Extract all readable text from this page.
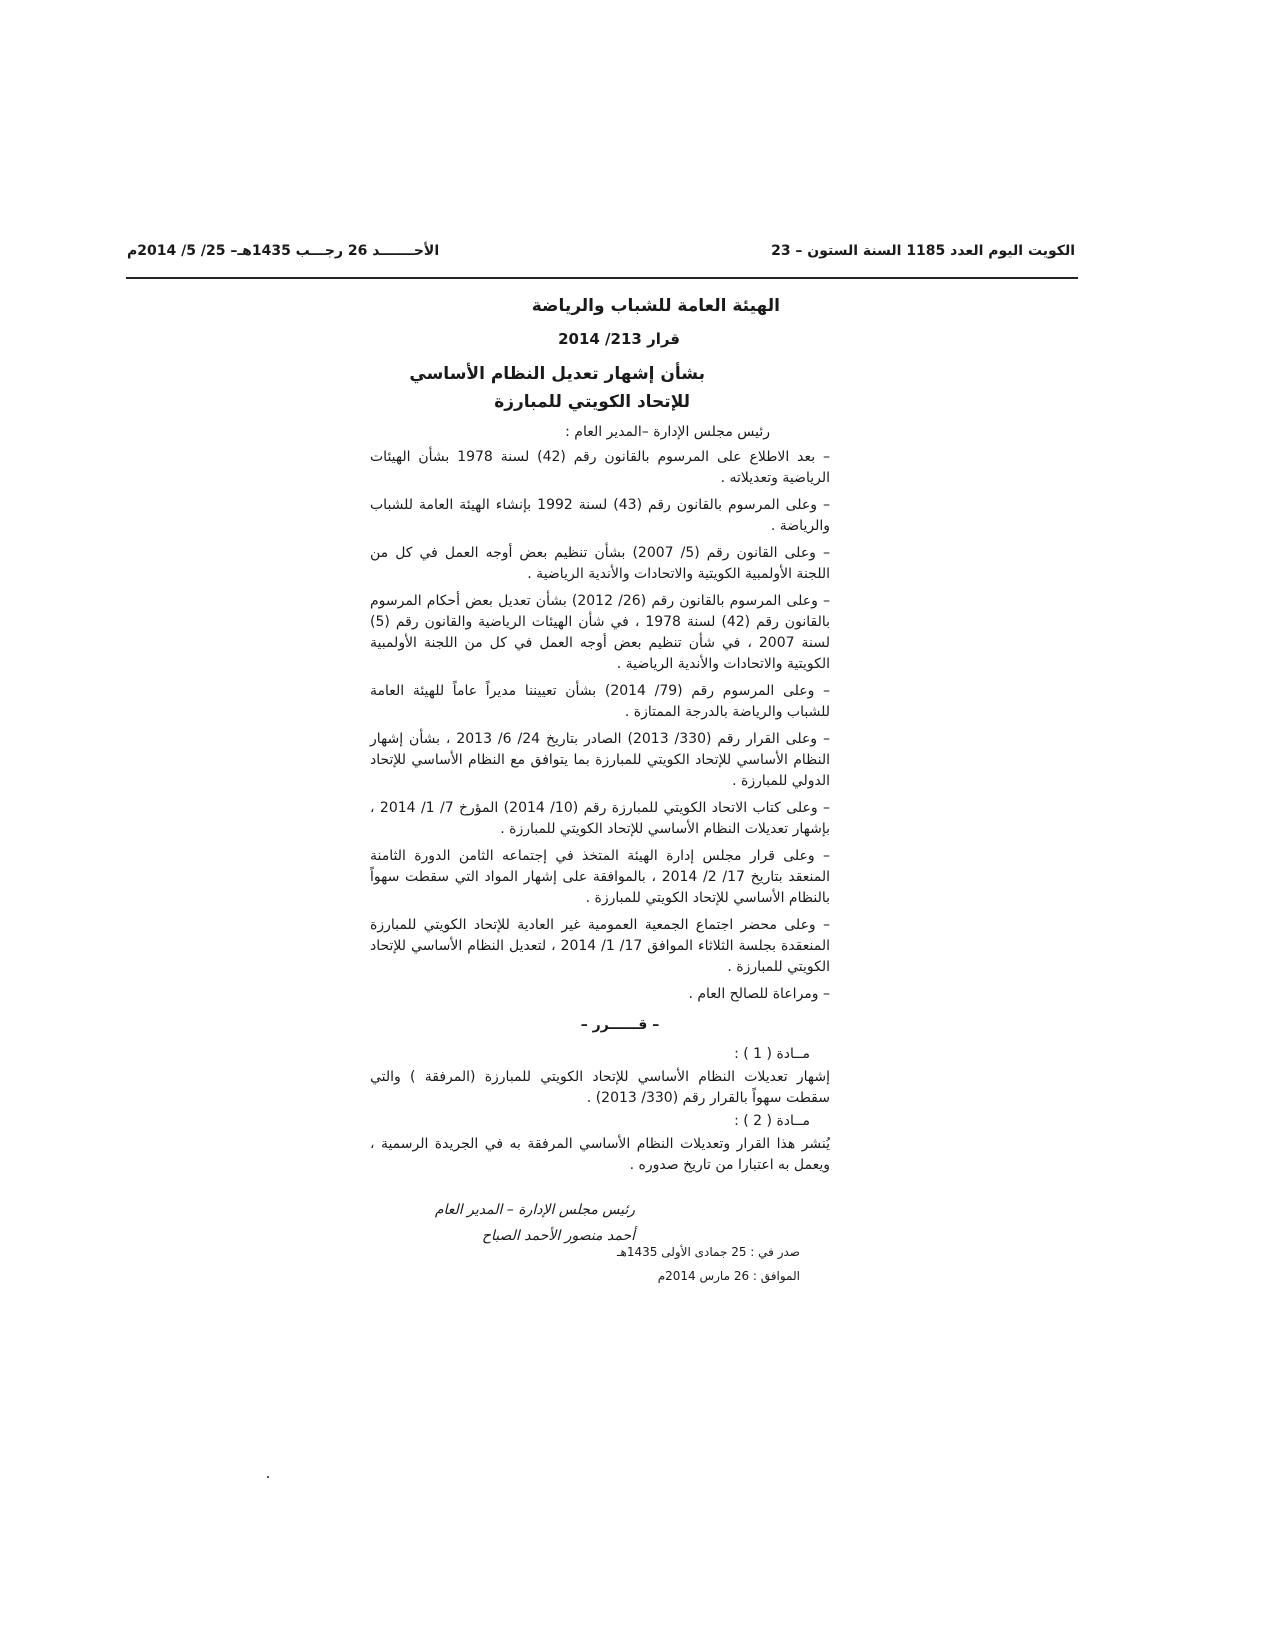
الكويت اليوم العدد 1185 السنة الستون – 23
الأحـــــــد 26 رجـــب 1435هـ– 25/ 5/ 2014م
الهيئة العامة للشباب والرياضة
قرار 213/ 2014
بشأن إشهار تعديل النظام الأساسي
للإتحاد الكويتي للمبارزة
رئيس مجلس الإدارة –المدير العام :

– بعد الاطلاع على المرسوم بالقانون رقم (42) لسنة 1978 بشأن الهيئات الرياضية وتعديلاته .

– وعلى المرسوم بالقانون رقم (43) لسنة 1992 بإنشاء الهيئة العامة للشباب والرياضة .

– وعلى القانون رقم (5/ 2007) بشأن تنظيم بعض أوجه العمل في كل من اللجنة الأولمبية الكويتية والاتحادات والأندية الرياضية .

– وعلى المرسوم بالقانون رقم (26/ 2012) بشأن تعديل بعض أحكام المرسوم بالقانون رقم (42) لسنة 1978 ، في شأن الهيئات الرياضية والقانون رقم (5) لسنة 2007 ، في شأن تنظيم بعض أوجه العمل في كل من اللجنة الأولمبية الكويتية والاتحادات والأندية الرياضية .

– وعلى المرسوم رقم (79/ 2014) بشأن تعييننا مديراً عاماً للهيئة العامة للشباب والرياضة بالدرجة الممتازة .

– وعلى القرار رقم (330/ 2013) الصادر بتاريخ 24/ 6/ 2013 ، بشأن إشهار النظام الأساسي للإتحاد الكويتي للمبارزة بما يتوافق مع النظام الأساسي للإتحاد الدولي للمبارزة .

– وعلى كتاب الاتحاد الكويتي للمبارزة رقم (10/ 2014) المؤرخ 7/ 1/ 2014 ، بإشهار تعديلات النظام الأساسي للإتحاد الكويتي للمبارزة .

– وعلى قرار مجلس إدارة الهيئة المتخذ في إجتماعه الثامن الدورة الثامنة المنعقد بتاريخ 17/ 2/ 2014 ، بالموافقة على إشهار المواد التي سقطت سهواً بالنظام الأساسي للإتحاد الكويتي للمبارزة .

– وعلى محضر اجتماع الجمعية العمومية غير العادية للإتحاد الكويتي للمبارزة المنعقدة بجلسة الثلاثاء الموافق 17/ 1/ 2014 ، لتعديل النظام الأساسي للإتحاد الكويتي للمبارزة .

– ومراعاة للصالح العام .

– قــــــرر –
مــادة ( 1 ) :

إشهار تعديلات النظام الأساسي للإتحاد الكويتي للمبارزة (المرفقة ) والتي سقطت سهواً بالقرار رقم (330/ 2013) .

مــادة ( 2 ) :

يُنشر هذا القرار وتعديلات النظام الأساسي المرفقة به في الجريدة الرسمية ، ويعمل به اعتبارا من تاريخ صدوره .

رئيس مجلس الإدارة – المدير العام
أحمد منصور الأحمد الصباح
صدر في : 25 جمادى الأولى 1435هـ
الموافق : 26 مارس 2014م
